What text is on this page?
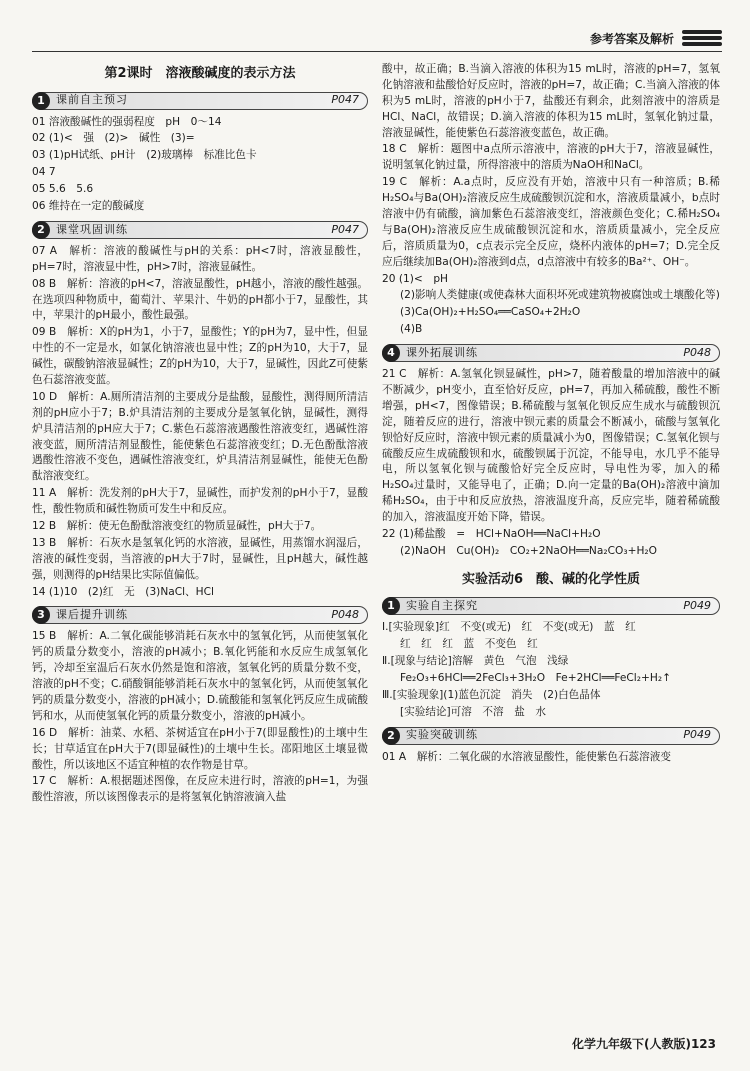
参考答案及解析
第2课时　溶液酸碱度的表示方法
1	课前自主预习	P047
01 溶液酸碱性的强弱程度　pH　0～14
02 (1)<　强　(2)>　碱性　(3)=
03 (1)pH试纸、pH计　(2)玻璃棒　标准比色卡
04 7
05 5.6　5.6
06 维持在一定的酸碱度
2	课堂巩固训练	P047
07 A　解析：溶液的酸碱性与pH的关系：pH<7时，溶液显酸性，pH=7时，溶液显中性，pH>7时，溶液显碱性。
08 B　解析：溶液的pH<7，溶液显酸性，pH越小，溶液的酸性越强。在选项四种物质中，葡萄汁、苹果汁、牛奶的pH都小于7，显酸性，其中，苹果汁的pH最小，酸性最强。
09 B　解析：X的pH为1，小于7，显酸性；Y的pH为7，显中性，但显中性的不一定是水，如氯化钠溶液也显中性；Z的pH为10，大于7，显碱性，碳酸钠溶液显碱性；Z的pH为10，大于7，显碱性，因此Z可使紫色石蕊溶液变蓝。
10 D　解析：A.厕所清洁剂的主要成分是盐酸，显酸性，测得厕所清洁剂的pH应小于7；B.炉具清洁剂的主要成分是氢氧化钠，显碱性，测得炉具清洁剂的pH应大于7；C.紫色石蕊溶液遇酸性溶液变红，遇碱性溶液变蓝，厕所清洁剂显酸性，能使紫色石蕊溶液变红；D.无色酚酞溶液遇酸性溶液不变色，遇碱性溶液变红，炉具清洁剂显碱性，能使无色酚酞溶液变红。
11 A　解析：洗发剂的pH大于7，显碱性，而护发剂的pH小于7，显酸性，酸性物质和碱性物质可发生中和反应。
12 B　解析：使无色酚酞溶液变红的物质显碱性，pH大于7。
13 B　解析：石灰水是氢氧化钙的水溶液，显碱性，用蒸馏水润湿后，溶液的碱性变弱，当溶液的pH大于7时，显碱性，且pH越大，碱性越强，则测得的pH结果比实际值偏低。
14 (1)10　(2)红　无　(3)NaCl、HCl
3	课后提升训练	P048
15 B　解析：A.二氧化碳能够消耗石灰水中的氢氧化钙，从而使氢氧化钙的质量分数变小，溶液的pH减小；B.氧化钙能和水反应生成氢氧化钙，冷却至室温后石灰水仍然是饱和溶液，氢氧化钙的质量分数不变，溶液的pH不变；C.硝酸铜能够消耗石灰水中的氢氧化钙，从而使氢氧化钙的质量分数变小，溶液的pH减小；D.硫酸能和氢氧化钙反应生成硫酸钙和水，从而使氢氧化钙的质量分数变小，溶液的pH减小。
16 D　解析：油菜、水稻、茶树适宜在pH小于7(即显酸性)的土壤中生长；甘草适宜在pH大于7(即显碱性)的土壤中生长。邵阳地区土壤显微酸性，所以该地区不适宜种植的农作物是甘草。
17 C　解析：A.根据题述图像，在反应未进行时，溶液的pH=1，为强酸性溶液，所以该图像表示的是将氢氧化钠溶液滴入盐
酸中，故正确；B.当滴入溶液的体积为15 mL时，溶液的pH=7，氢氧化钠溶液和盐酸恰好反应时，溶液的pH=7，故正确；C.当滴入溶液的体积为5 mL时，溶液的pH小于7，盐酸还有剩余，此刻溶液中的溶质是HCl、NaCl，故错误；D.滴入溶液的体积为15 mL时，氢氧化钠过量，溶液显碱性，能使紫色石蕊溶液变蓝色，故正确。
18 C　解析：题图中a点所示溶液中，溶液的pH大于7，溶液显碱性，说明氢氧化钠过量，所得溶液中的溶质为NaOH和NaCl。
19 C　解析：A.a点时，反应没有开始，溶液中只有一种溶质；B.稀H₂SO₄与Ba(OH)₂溶液反应生成硫酸钡沉淀和水，溶液质量减小，b点时溶液中仍有硫酸，滴加紫色石蕊溶液变红，溶液颜色变化；C.稀H₂SO₄与Ba(OH)₂溶液反应生成硫酸钡沉淀和水，溶质质量减小，完全反应后，溶质质量为0，c点表示完全反应，烧杯内液体的pH=7；D.完全反应后继续加Ba(OH)₂溶液到d点，d点溶液中有较多的Ba²⁺、OH⁻。
20 (1)<　pH
(2)影响人类健康(或使森林大面积坏死或建筑物被腐蚀或土壤酸化等)
(3)Ca(OH)₂+H₂SO₄══CaSO₄+2H₂O
(4)B
4	课外拓展训练	P048
21 C　解析：A.氢氧化钡显碱性，pH>7，随着酸量的增加溶液中的碱不断减少，pH变小，直至恰好反应，pH=7，再加入稀硫酸，酸性不断增强，pH<7，图像错误；B.稀硫酸与氢氧化钡反应生成水与硫酸钡沉淀，随着反应的进行，溶液中钡元素的质量会不断减小，硫酸与氢氧化钡恰好反应时，溶液中钡元素的质量减小为0，图像错误；C.氢氧化钡与硫酸反应生成硫酸钡和水，硫酸钡属于沉淀，不能导电，水几乎不能导电，所以氢氧化钡与硫酸恰好完全反应时，导电性为零，加入的稀H₂SO₄过量时，又能导电了，正确；D.向一定量的Ba(OH)₂溶液中滴加稀H₂SO₄，由于中和反应放热，溶液温度升高，反应完毕，随着稀硫酸的加入，溶液温度开始下降，错误。
22 (1)稀盐酸　=　HCl+NaOH══NaCl+H₂O
(2)NaOH　Cu(OH)₂　CO₂+2NaOH══Na₂CO₃+H₂O
实验活动6　酸、碱的化学性质
1	实验自主探究	P049
Ⅰ.[实验现象]红　不变(或无)　红　不变(或无)　蓝　红
红　红　红　蓝　不变色　红
Ⅱ.[现象与结论]溶解　黄色　气泡　浅绿
Fe₂O₃+6HCl══2FeCl₃+3H₂O　Fe+2HCl══FeCl₂+H₂↑
Ⅲ.[实验现象](1)蓝色沉淀　消失　(2)白色晶体
[实验结论]可溶　不溶　盐　水
2	实验突破训练	P049
01 A　解析：二氧化碳的水溶液显酸性，能使紫色石蕊溶液变
化学九年级下(人教版)123
